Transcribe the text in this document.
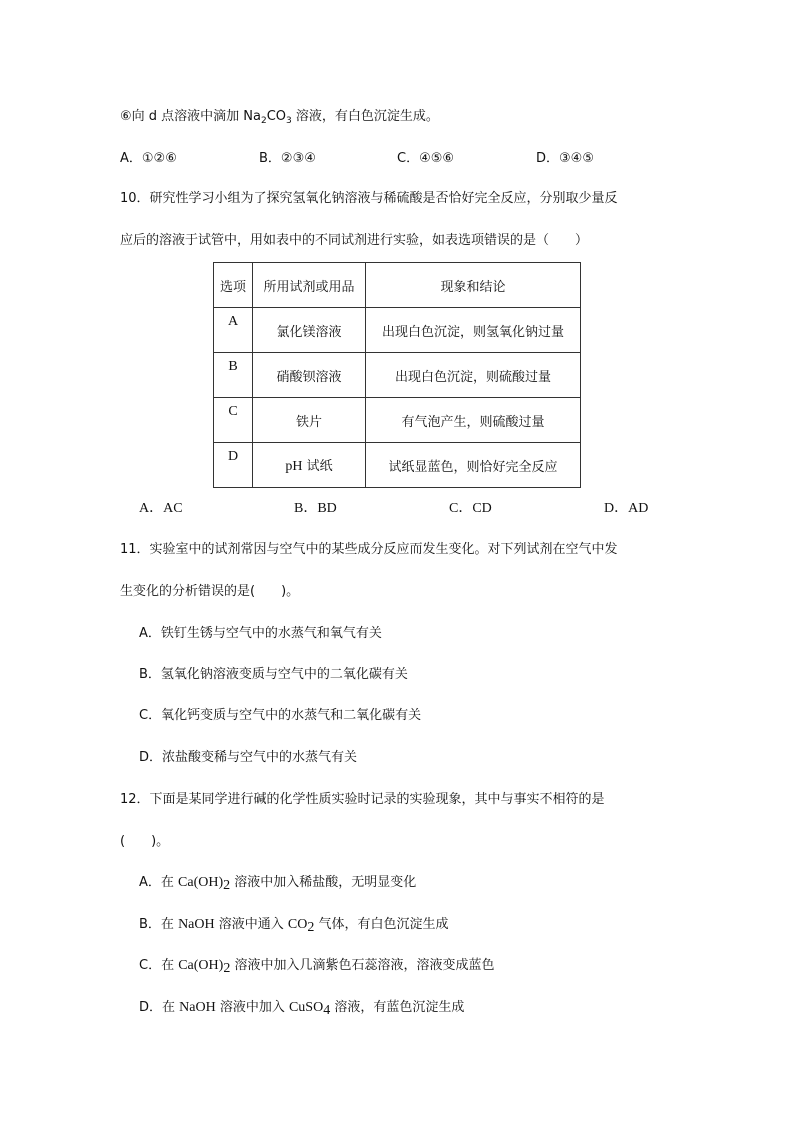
⑥向 d 点溶液中滴加 $Na_2CO_3$ 溶液，有白色沉淀生成。
A．①②⑥	B．②③④	C．④⑤⑥	D．③④⑤
10．研究性学习小组为了探究氢氧化钠溶液与稀硫酸是否恰好完全反应，分别取少量反
应后的溶液于试管中，用如表中的不同试剂进行实验，如表选项错误的是（　　）
选项	所用试剂或用品	现象和结论
A	氯化镁溶液	出现白色沉淀，则氢氧化钠过量
B	硝酸钡溶液	出现白色沉淀，则硫酸过量
C	铁片	有气泡产生，则硫酸过量
D	pH 试纸	试纸显蓝色，则恰好完全反应
A．AC	B．BD	C．CD	D．AD
11．实验室中的试剂常因与空气中的某些成分反应而发生变化。对下列试剂在空气中发
生变化的分析错误的是(　　)。
A．铁钉生锈与空气中的水蒸气和氧气有关
B．氢氧化钠溶液变质与空气中的二氧化碳有关
C．氧化钙变质与空气中的水蒸气和二氧化碳有关
D．浓盐酸变稀与空气中的水蒸气有关
12．下面是某同学进行碱的化学性质实验时记录的实验现象，其中与事实不相符的是
(　　)。
A．在 $Ca(OH)_2$ 溶液中加入稀盐酸，无明显变化
B．在 NaOH 溶液中通入 $CO_2$ 气体，有白色沉淀生成
C．在 $Ca(OH)_2$ 溶液中加入几滴紫色石蕊溶液，溶液变成蓝色
D．在 NaOH 溶液中加入 CuSO$_4$ 溶液，有蓝色沉淀生成
